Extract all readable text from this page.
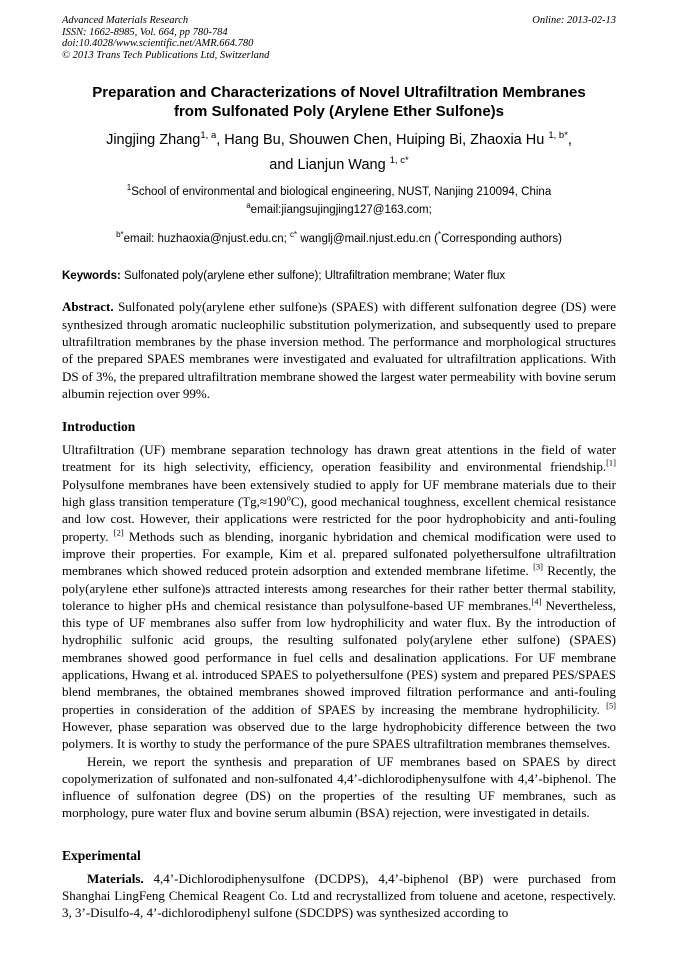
Advanced Materials Research
ISSN: 1662-8985, Vol. 664, pp 780-784
doi:10.4028/www.scientific.net/AMR.664.780
© 2013 Trans Tech Publications Ltd, Switzerland
Online: 2013-02-13
Preparation and Characterizations of Novel Ultrafiltration Membranes
from Sulfonated Poly (Arylene Ether Sulfone)s
Jingjing Zhang$^{1, a}$, Hang Bu, Shouwen Chen, Huiping Bi, Zhaoxia Hu $^{1, b*}$,
and Lianjun Wang $^{1, c*}$
$^1$School of environmental and biological engineering, NUST, Nanjing 210094, China
$^a$email:jiangsujingjing127@163.com;
$^{b*}$email: huzhaoxia@njust.edu.cn; $^{c*}$ wanglj@mail.njust.edu.cn (*Corresponding authors)
Keywords: Sulfonated poly(arylene ether sulfone); Ultrafiltration membrane; Water flux
Abstract. Sulfonated poly(arylene ether sulfone)s (SPAES) with different sulfonation degree (DS) were synthesized through aromatic nucleophilic substitution polymerization, and subsequently used to prepare ultrafiltration membranes by the phase inversion method. The performance and morphological structures of the prepared SPAES membranes were investigated and evaluated for ultrafiltration applications. With DS of 3%, the prepared ultrafiltration membrane showed the largest water permeability with bovine serum albumin rejection over 99%.
Introduction
Ultrafiltration (UF) membrane separation technology has drawn great attentions in the field of water treatment for its high selectivity, efficiency, operation feasibility and environmental friendship.[1] Polysulfone membranes have been extensively studied to apply for UF membrane materials due to their high glass transition temperature $(Tg,\approx 190^oC)$, good mechanical toughness, excellent chemical resistance and low cost. However, their applications were restricted for the poor hydrophobicity and anti-fouling property. [2] Methods such as blending, inorganic hybridation and chemical modification were used to improve their properties. For example, Kim et al. prepared sulfonated polyethersulfone ultrafiltration membranes which showed reduced protein adsorption and extended membrane lifetime. [3] Recently, the poly(arylene ether sulfone)s attracted interests among researches for their rather better thermal stability, tolerance to higher pHs and chemical resistance than polysulfone-based UF membranes.[4] Nevertheless, this type of UF membranes also suffer from low hydrophilicity and water flux. By the introduction of hydrophilic sulfonic acid groups, the resulting sulfonated poly(arylene ether sulfone) (SPAES) membranes showed good performance in fuel cells and desalination applications. For UF membrane applications, Hwang et al. introduced SPAES to polyethersulfone (PES) system and prepared PES/SPAES blend membranes, the obtained membranes showed improved filtration performance and anti-fouling properties in consideration of the addition of SPAES by increasing the membrane hydrophilicity. [5] However, phase separation was observed due to the large hydrophobicity difference between the two polymers. It is worthy to study the performance of the pure SPAES ultrafiltration membranes themselves.
Herein, we report the synthesis and preparation of UF membranes based on SPAES by direct copolymerization of sulfonated and non-sulfonated 4,4’-dichlorodiphenysulfone with 4,4’-biphenol. The influence of sulfonation degree (DS) on the properties of the resulting UF membranes, such as morphology, pure water flux and bovine serum albumin (BSA) rejection, were investigated in details.
Experimental
Materials. 4,4’-Dichlorodiphenysulfone (DCDPS), 4,4’-biphenol (BP) were purchased from Shanghai LingFeng Chemical Reagent Co. Ltd and recrystallized from toluene and acetone, respectively. 3, 3’-Disulfo-4, 4’-dichlorodiphenyl sulfone (SDCDPS) was synthesized according to
